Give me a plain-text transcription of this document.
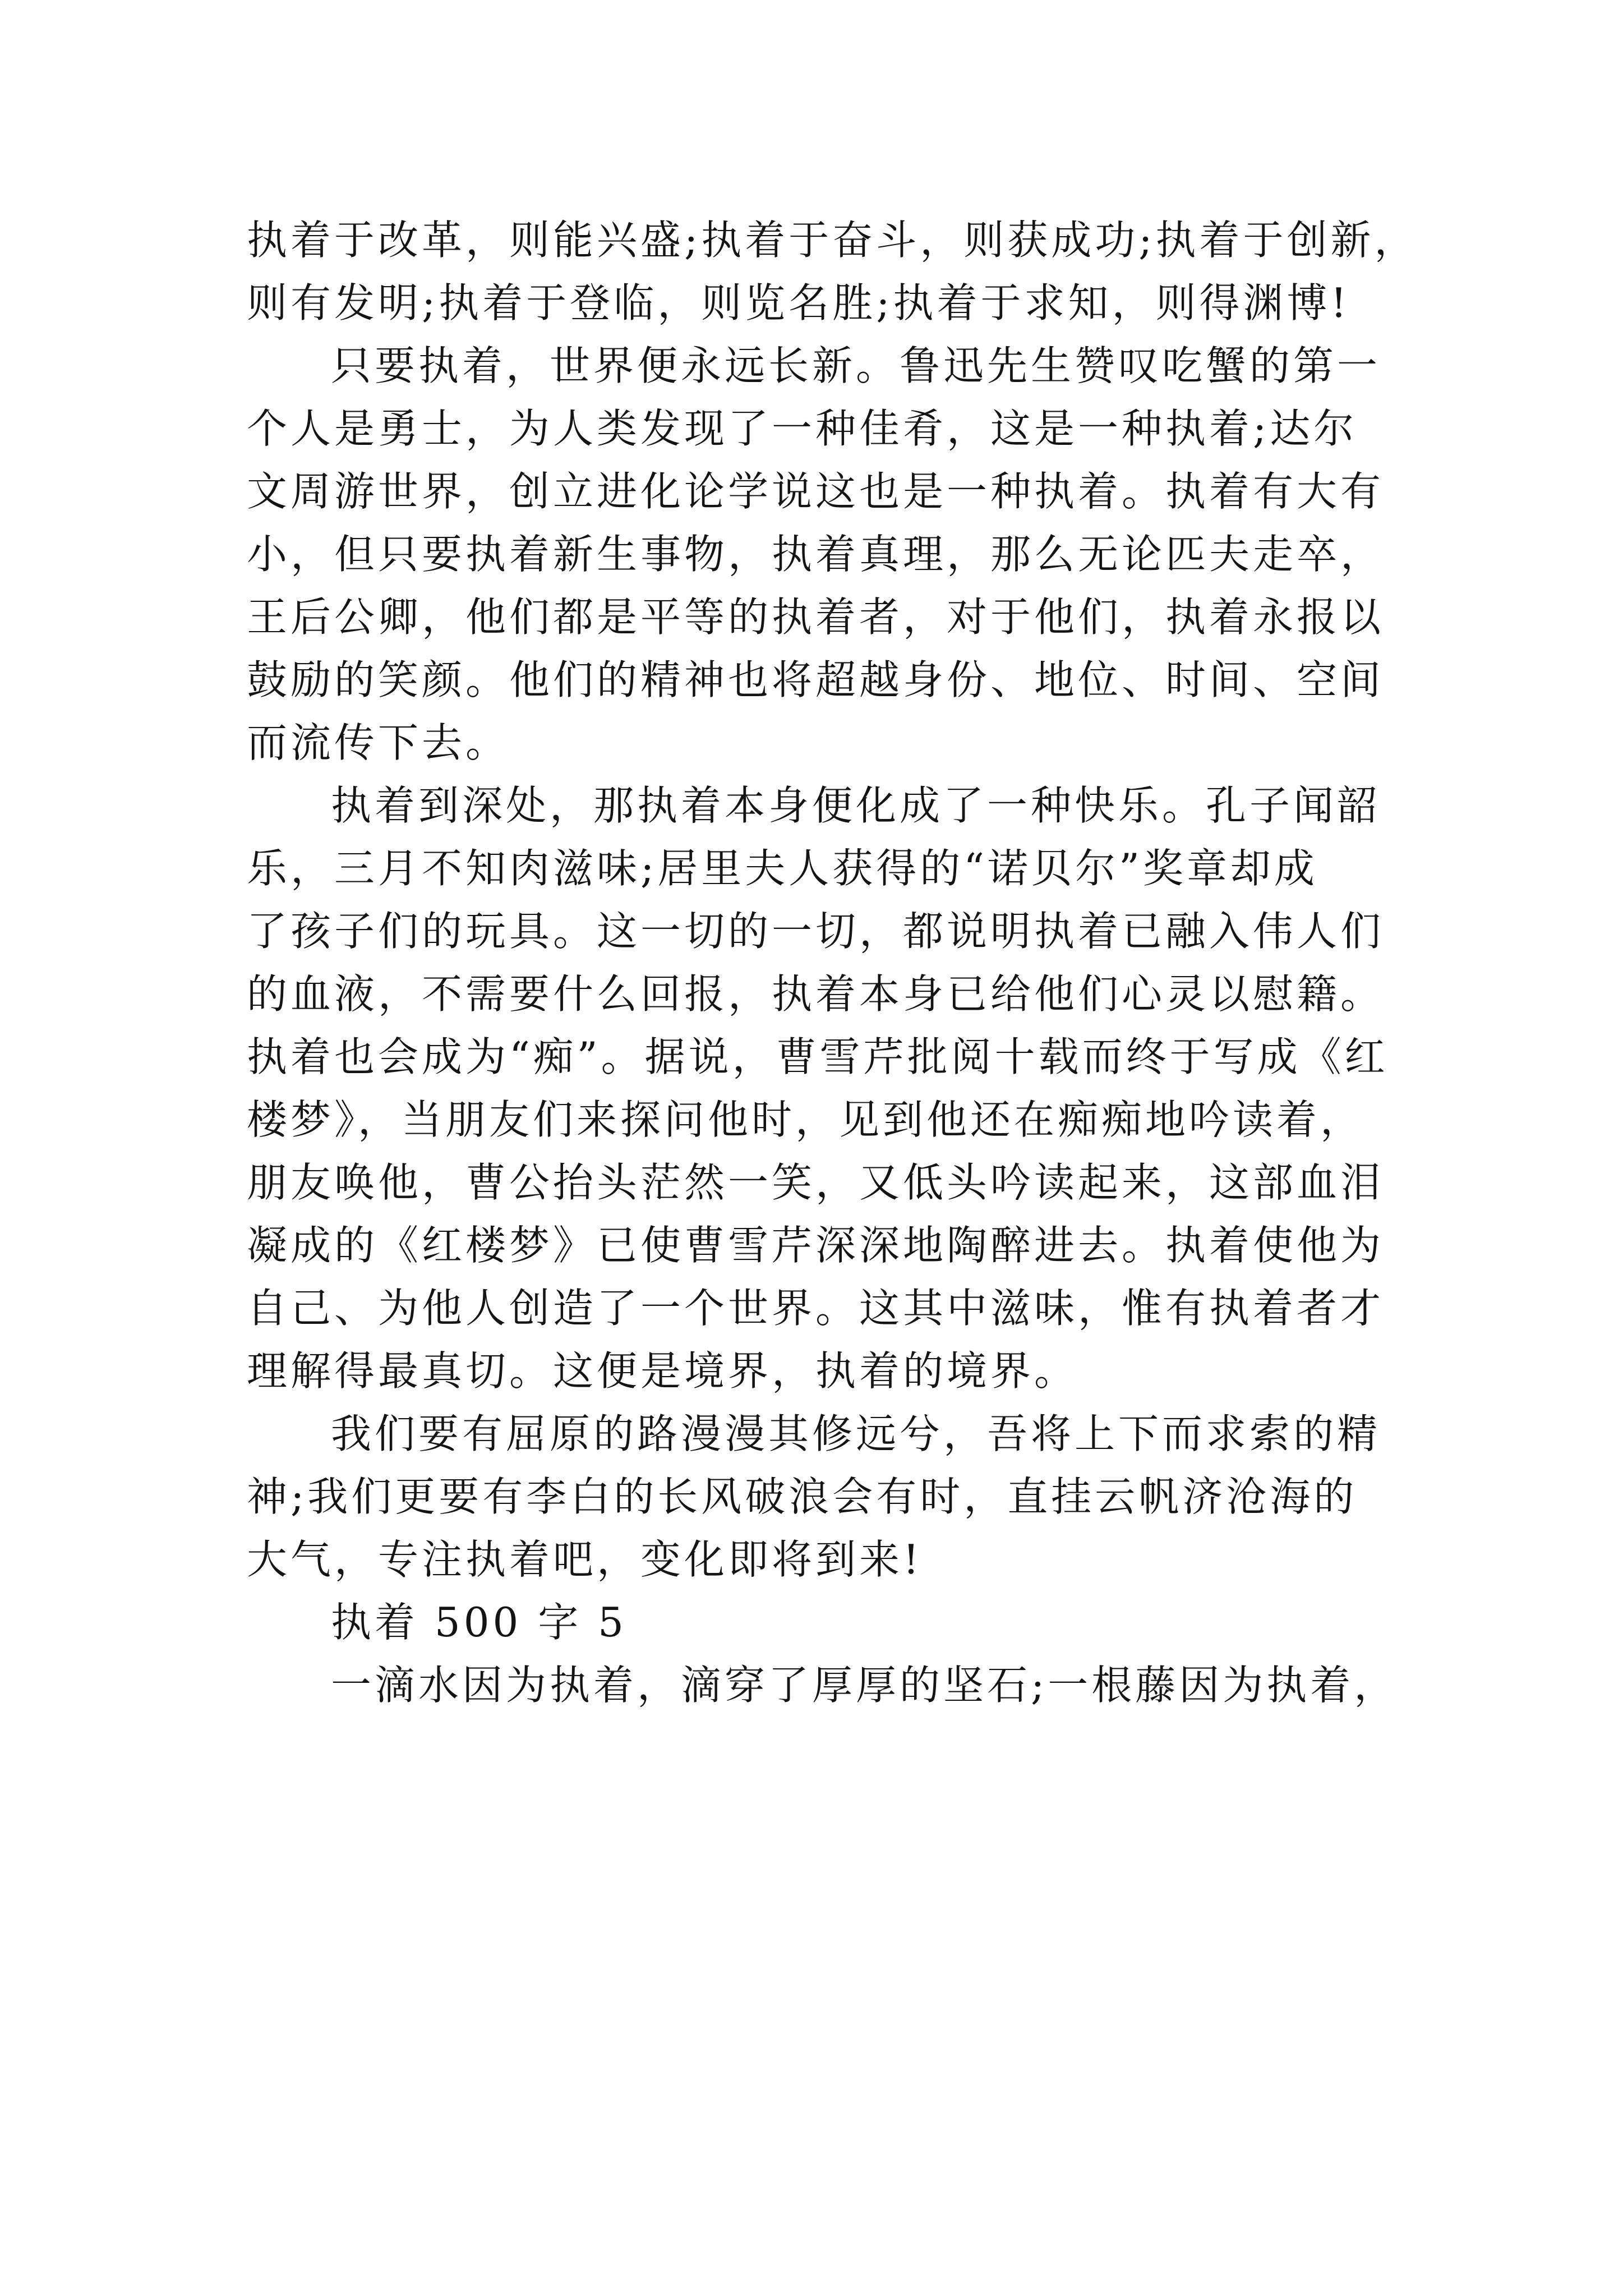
执着于改革，则能兴盛;执着于奋斗，则获成功;执着于创新，
则有发明;执着于登临，则览名胜;执着于求知，则得渊博!
只要执着，世界便永远长新。鲁迅先生赞叹吃蟹的第一
个人是勇士，为人类发现了一种佳肴，这是一种执着;达尔
文周游世界，创立进化论学说这也是一种执着。执着有大有
小，但只要执着新生事物，执着真理，那么无论匹夫走卒，
王后公卿，他们都是平等的执着者，对于他们，执着永报以
鼓励的笑颜。他们的精神也将超越身份、地位、时间、空间
而流传下去。
执着到深处，那执着本身便化成了一种快乐。孔子闻韶
乐，三月不知肉滋味;居里夫人获得的“诺贝尔”奖章却成
了孩子们的玩具。这一切的一切，都说明执着已融入伟人们
的血液，不需要什么回报，执着本身已给他们心灵以慰籍。
执着也会成为“痴”。据说，曹雪芹批阅十载而终于写成《红
楼梦》，当朋友们来探问他时，见到他还在痴痴地吟读着，
朋友唤他，曹公抬头茫然一笑，又低头吟读起来，这部血泪
凝成的《红楼梦》已使曹雪芹深深地陶醉进去。执着使他为
自己、为他人创造了一个世界。这其中滋味，惟有执着者才
理解得最真切。这便是境界，执着的境界。
我们要有屈原的路漫漫其修远兮，吾将上下而求索的精
神;我们更要有李白的长风破浪会有时，直挂云帆济沧海的
大气，专注执着吧，变化即将到来!
执着 500 字 5
一滴水因为执着，滴穿了厚厚的坚石;一根藤因为执着，
